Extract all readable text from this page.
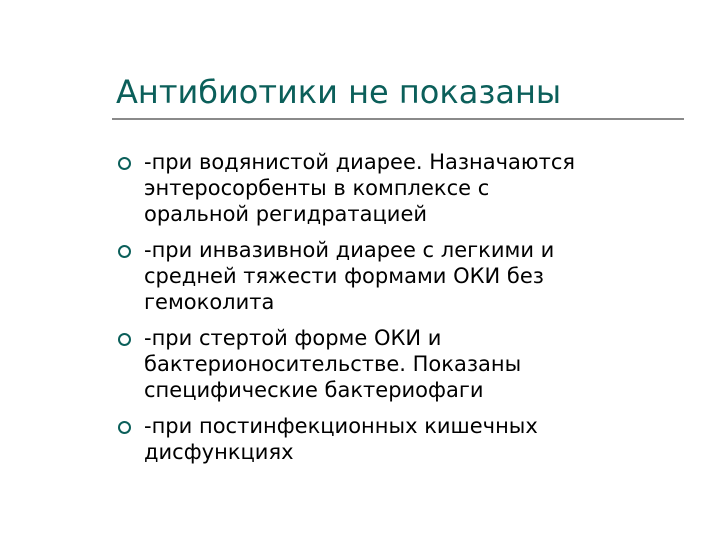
Антибиотики не показаны
-при водянистой диарее. Назначаются
энтеросорбенты в комплексе с
оральной регидратацией
-при инвазивной диарее с легкими и
средней тяжести формами ОКИ без
гемоколита
-при стертой форме ОКИ и
бактерионосительстве. Показаны
специфические бактериофаги
-при постинфекционных кишечных
дисфункциях
